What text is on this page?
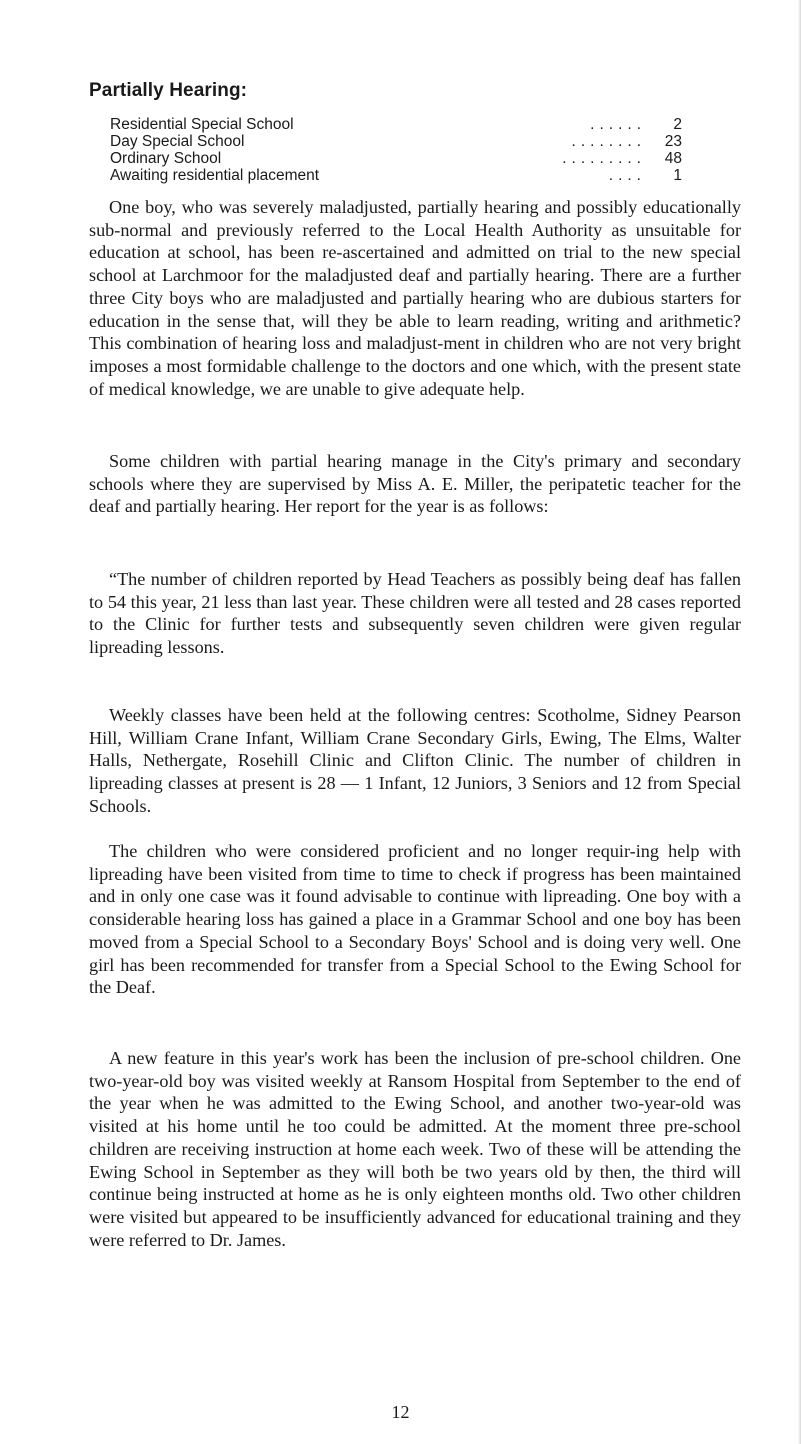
Partially Hearing:
Residential Special School	......	2
Day Special School	........	23
Ordinary School	.........	48
Awaiting residential placement	....	1

One boy, who was severely maladjusted, partially hearing and possibly educationally sub-normal and previously referred to the Local Health Authority as unsuitable for education at school, has been re-ascertained and admitted on trial to the new special school at Larchmoor for the maladjusted deaf and partially hearing. There are a further three City boys who are maladjusted and partially hearing who are dubious starters for education in the sense that, will they be able to learn reading, writing and arithmetic? This combination of hearing loss and maladjust-ment in children who are not very bright imposes a most formidable challenge to the doctors and one which, with the present state of medical knowledge, we are unable to give adequate help.

Some children with partial hearing manage in the City's primary and secondary schools where they are supervised by Miss A. E. Miller, the peripatetic teacher for the deaf and partially hearing. Her report for the year is as follows:

“The number of children reported by Head Teachers as possibly being deaf has fallen to 54 this year, 21 less than last year. These children were all tested and 28 cases reported to the Clinic for further tests and subsequently seven children were given regular lipreading lessons.

Weekly classes have been held at the following centres: Scotholme, Sidney Pearson Hill, William Crane Infant, William Crane Secondary Girls, Ewing, The Elms, Walter Halls, Nethergate, Rosehill Clinic and Clifton Clinic. The number of children in lipreading classes at present is 28 — 1 Infant, 12 Juniors, 3 Seniors and 12 from Special Schools.

The children who were considered proficient and no longer requir-ing help with lipreading have been visited from time to time to check if progress has been maintained and in only one case was it found advisable to continue with lipreading. One boy with a considerable hearing loss has gained a place in a Grammar School and one boy has been moved from a Special School to a Secondary Boys' School and is doing very well. One girl has been recommended for transfer from a Special School to the Ewing School for the Deaf.

A new feature in this year's work has been the inclusion of pre-school children. One two-year-old boy was visited weekly at Ransom Hospital from September to the end of the year when he was admitted to the Ewing School, and another two-year-old was visited at his home until he too could be admitted. At the moment three pre-school children are receiving instruction at home each week. Two of these will be attending the Ewing School in September as they will both be two years old by then, the third will continue being instructed at home as he is only eighteen months old. Two other children were visited but appeared to be insufficiently advanced for educational training and they were referred to Dr. James.

12
